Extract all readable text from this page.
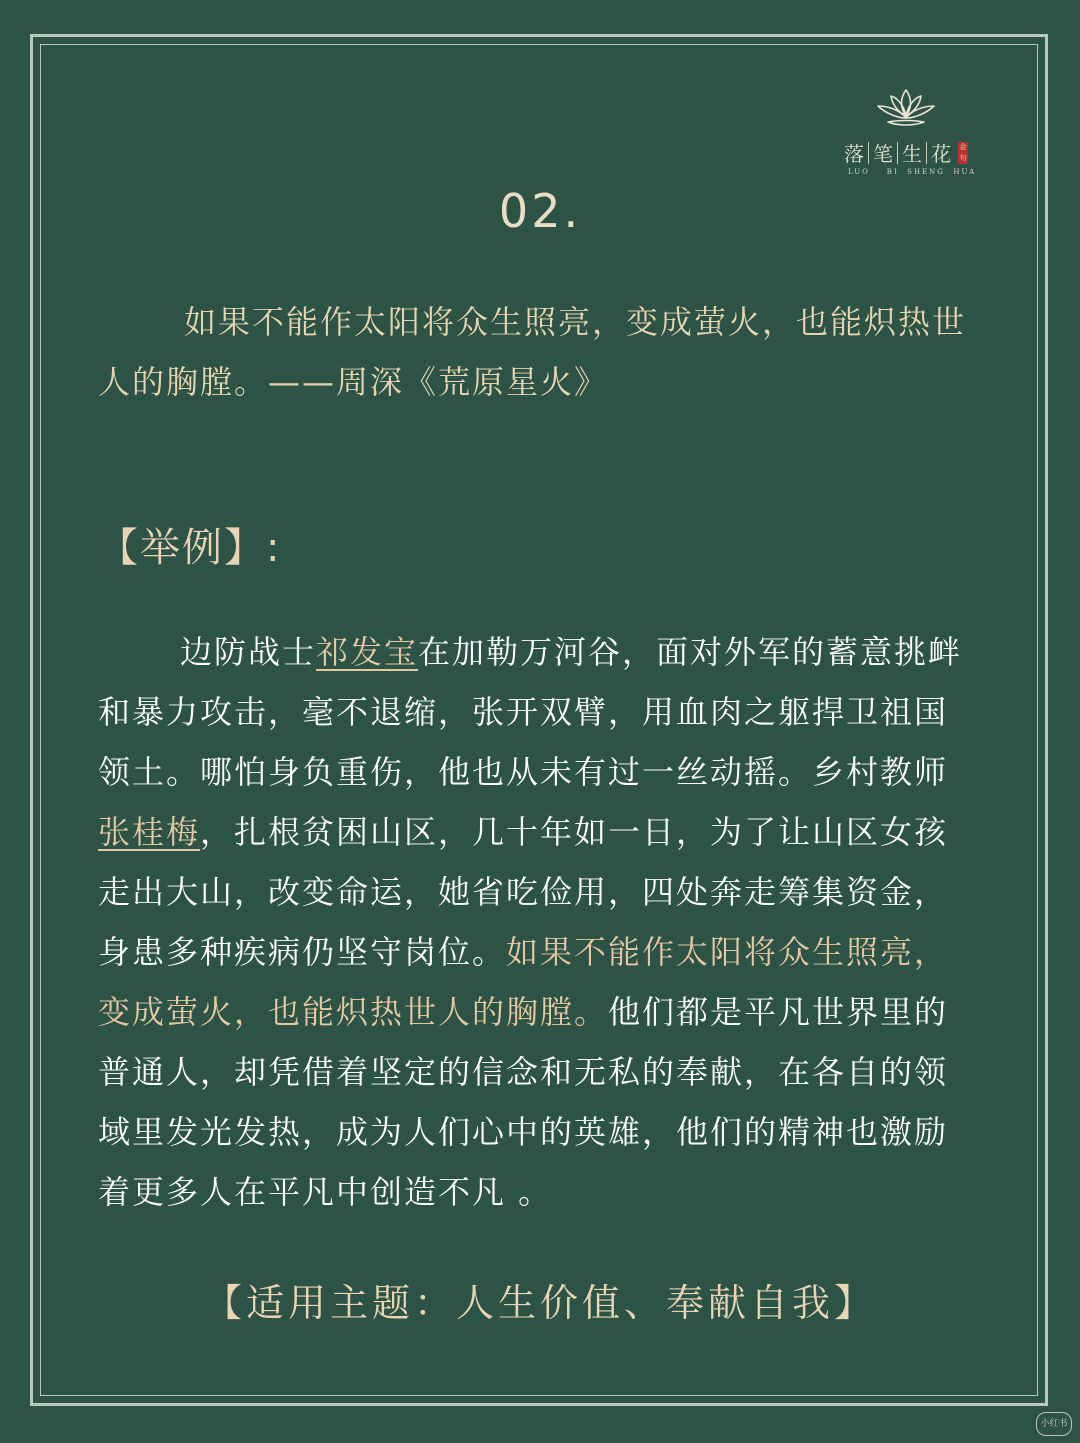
落 笔 生 花 金句
LUO    BI  SHENG  HUA
02.

如果不能作太阳将众生照亮，变成萤火，也能炽热世人的胸膛。——周深《荒原星火》

【举例】:

边防战士祁发宝在加勒万河谷，面对外军的蓄意挑衅和暴力攻击，毫不退缩，张开双臂，用血肉之躯捍卫祖国领土。哪怕身负重伤，他也从未有过一丝动摇。乡村教师张桂梅，扎根贫困山区，几十年如一日，为了让山区女孩走出大山，改变命运，她省吃俭用，四处奔走筹集资金，身患多种疾病仍坚守岗位。如果不能作太阳将众生照亮，变成萤火，也能炽热世人的胸膛。他们都是平凡世界里的普通人，却凭借着坚定的信念和无私的奉献，在各自的领域里发光发热，成为人们心中的英雄，他们的精神也激励着更多人在平凡中创造不凡 。

【适用主题：人生价值、奉献自我】

小红书
